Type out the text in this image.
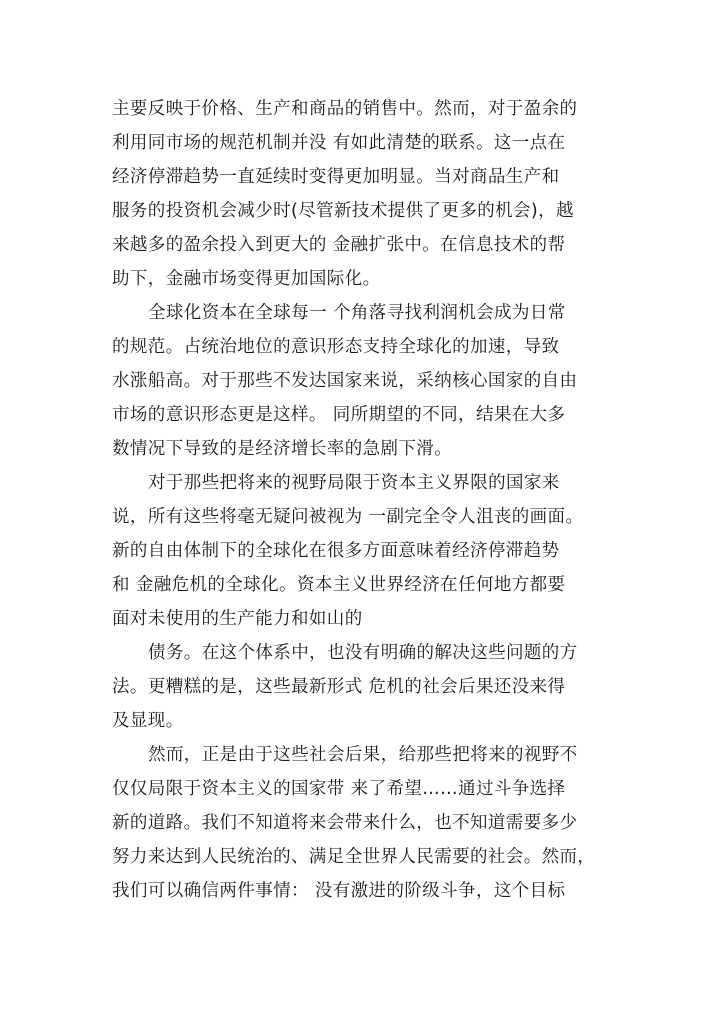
主要反映于价格、生产和商品的销售中。然而，对于盈余的
利用同市场的规范机制并没 有如此清楚的联系。这一点在
经济停滞趋势一直延续时变得更加明显。当对商品生产和
服务的投资机会减少时(尽管新技术提供了更多的机会)，越
来越多的盈余投入到更大的 金融扩张中。在信息技术的帮
助下，金融市场变得更加国际化。
全球化资本在全球每一 个角落寻找利润机会成为日常
的规范。占统治地位的意识形态支持全球化的加速，导致
水涨船高。对于那些不发达国家来说，采纳核心国家的自由
市场的意识形态更是这样。 同所期望的不同，结果在大多
数情况下导致的是经济增长率的急剧下滑。
对于那些把将来的视野局限于资本主义界限的国家来
说，所有这些将毫无疑问被视为 一副完全令人沮丧的画面。
新的自由体制下的全球化在很多方面意味着经济停滞趋势
和 金融危机的全球化。资本主义世界经济在任何地方都要
面对未使用的生产能力和如山的
债务。在这个体系中，也没有明确的解决这些问题的方
法。更糟糕的是，这些最新形式 危机的社会后果还没来得
及显现。
然而，正是由于这些社会后果，给那些把将来的视野不
仅仅局限于资本主义的国家带 来了希望……通过斗争选择
新的道路。我们不知道将来会带来什么，也不知道需要多少
努力来达到人民统治的、满足全世界人民需要的社会。然而，
我们可以确信两件事情： 没有激进的阶级斗争，这个目标
